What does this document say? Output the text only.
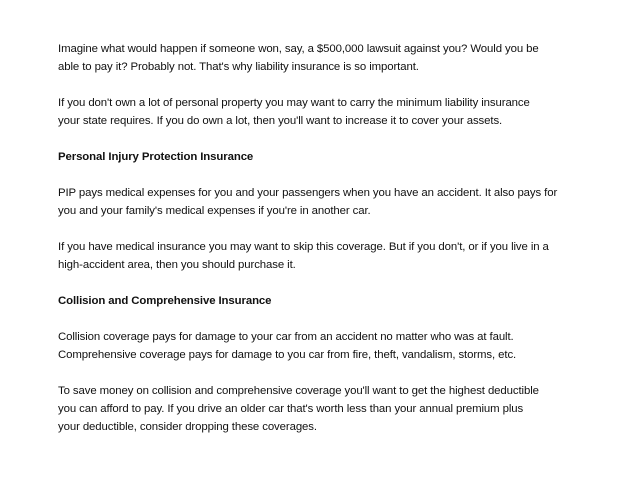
Imagine what would happen if someone won, say, a $500,000 lawsuit against you? Would you be
able to pay it? Probably not. That's why liability insurance is so important.
If you don't own a lot of personal property you may want to carry the minimum liability insurance
your state requires. If you do own a lot, then you'll want to increase it to cover your assets.
Personal Injury Protection Insurance
PIP pays medical expenses for you and your passengers when you have an accident. It also pays for
you and your family's medical expenses if you're in another car.
If you have medical insurance you may want to skip this coverage. But if you don't, or if you live in a
high-accident area, then you should purchase it.
Collision and Comprehensive Insurance
Collision coverage pays for damage to your car from an accident no matter who was at fault.
Comprehensive coverage pays for damage to you car from fire, theft, vandalism, storms, etc.
To save money on collision and comprehensive coverage you'll want to get the highest deductible
you can afford to pay. If you drive an older car that's worth less than your annual premium plus
your deductible, consider dropping these coverages.
